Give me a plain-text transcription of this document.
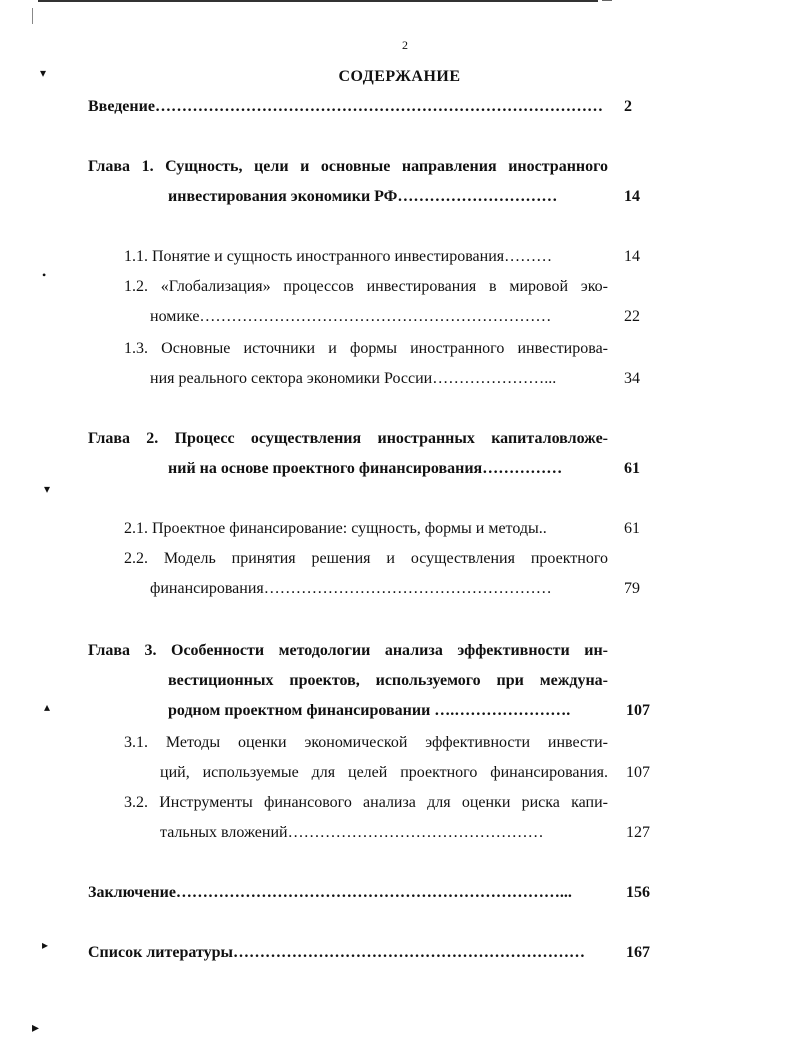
▾
•
▾
▴
▸
▸
2
СОДЕРЖАНИЕ
Введение…………………………………………………………………………	2
Глава 1. Сущность, цели и основные направления иностранного
инвестирования экономики РФ…………………………	14
1.1. Понятие и сущность иностранного инвестирования………	14
1.2. «Глобализация» процессов инвестирования в мировой эко-
номике…………………………………………………………	22
1.3. Основные источники и формы иностранного инвестирова-
ния реального сектора экономики России…………………...	34
Глава 2. Процесс осуществления иностранных капиталовложе-
ний на основе проектного финансирования……………	61
2.1. Проектное финансирование: сущность, формы и методы..	61
2.2. Модель принятия решения и осуществления проектного
финансирования………………………………………………	79
Глава 3. Особенности методологии анализа эффективности ин-
вестиционных проектов, используемого при междуна-
родном проектном финансировании ….………………….	107
3.1. Методы оценки экономической эффективности инвести-
ций, используемые для целей проектного финансирования.	107
3.2. Инструменты финансового анализа для оценки риска капи-
тальных вложений…………………………………………	127
Заключение………………………………………………………………...	156
Список литературы…………………………………………………………	167
